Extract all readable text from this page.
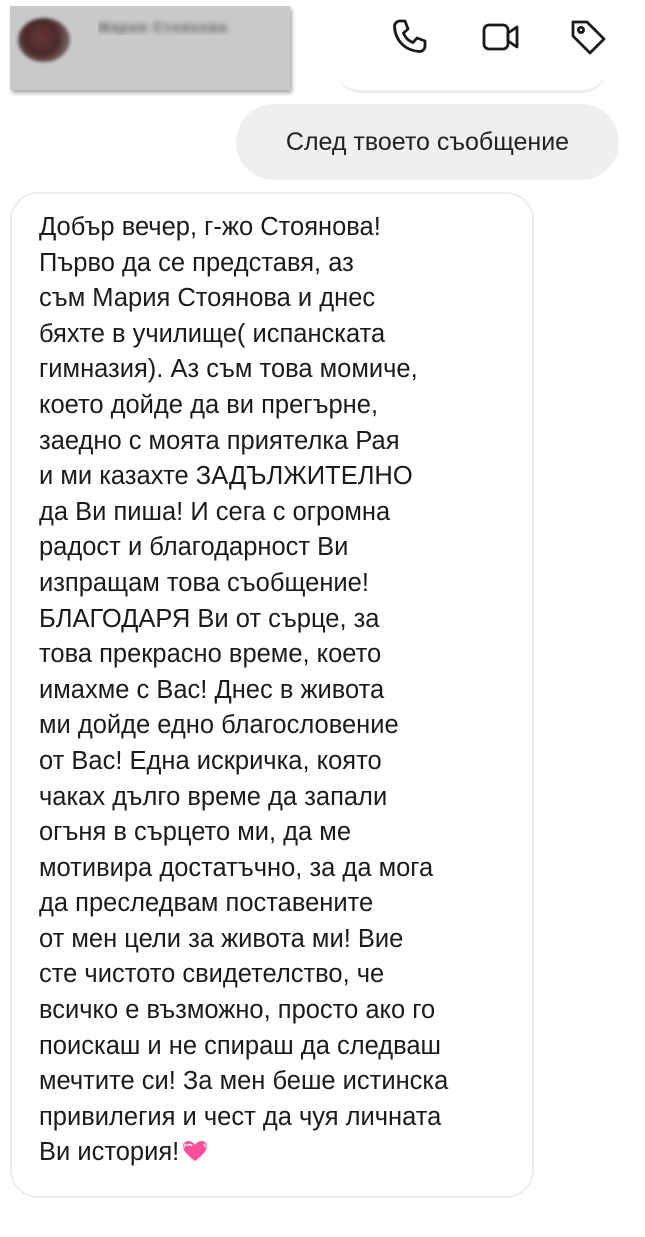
Мария Стоянова
След твоето съобщение
Добър вечер, г-жо Стоянова!
Първо да се представя, аз
съм Мария Стоянова и днес
бяхте в училище( испанската
гимназия). Аз съм това момиче,
което дойде да ви прегърне,
заедно с моята приятелка Рая
и ми казахте ЗАДЪЛЖИТЕЛНО
да Ви пиша! И сега с огромна
радост и благодарност Ви
изпращам това съобщение!
БЛАГОДАРЯ Ви от сърце, за
това прекрасно време, което
имахме с Вас! Днес в живота
ми дойде едно благословение
от Вас! Една искричка, която
чаках дълго време да запали
огъня в сърцето ми, да ме
мотивира достатъчно, за да мога
да преследвам поставените
от мен цели за живота ми! Вие
сте чистото свидетелство, че
всичко е възможно, просто ако го
поискаш и не спираш да следваш
мечтите си! За мен беше истинска
привилегия и чест да чуя личната
Ви история!
